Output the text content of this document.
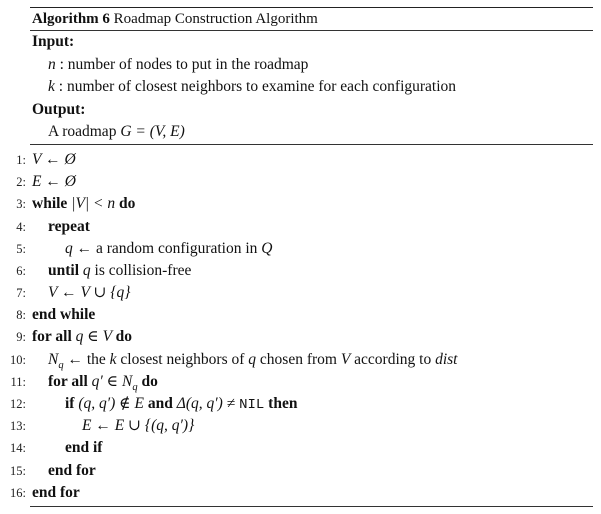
Algorithm 6 Roadmap Construction Algorithm
Input:
n : number of nodes to put in the roadmap
k : number of closest neighbors to examine for each configuration
Output:
A roadmap G = (V, E)
1: V ← Ø
2: E ← Ø
3: while |V| < n do
4:	repeat
5:	q ← a random configuration in Q
6:	until q is collision-free
7:	V ← V ∪ {q}
8: end while
9: for all q ∈ V do
10:	$N_q$ ← the k closest neighbors of q chosen from V according to dist
11:	for all q′ ∈ $N_q$ do
12:	if (q, q′) ∉ E and Δ(q, q′) ≠ NIL then
13:	E ← E ∪ {(q, q′)}
14:	end if
15:	end for
16: end for
